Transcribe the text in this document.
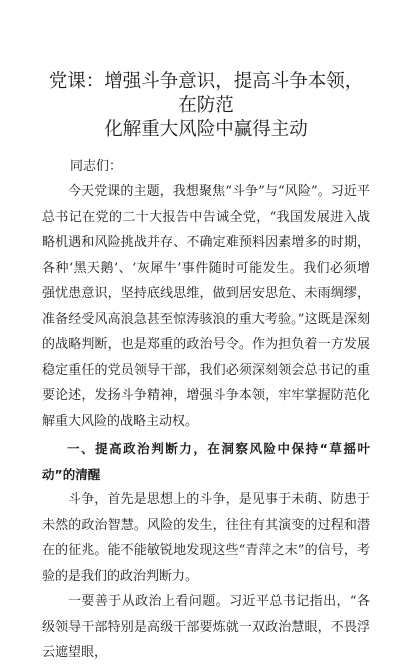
党课：增强斗争意识，提高斗争本领，在防范
化解重大风险中赢得主动

同志们：

今天党课的主题，我想聚焦“斗争”与“风险”。习近平总书记在党的二十大报告中告诫全党，“我国发展进入战略机遇和风险挑战并存、不确定难预料因素增多的时期，各种‘黑天鹅’、‘灰犀牛’事件随时可能发生。我们必须增强忧患意识，坚持底线思维，做到居安思危、未雨绸缪，准备经受风高浪急甚至惊涛骇浪的重大考验。”这既是深刻的战略判断，也是郑重的政治号令。作为担负着一方发展稳定重任的党员领导干部，我们必须深刻领会总书记的重要论述，发扬斗争精神，增强斗争本领，牢牢掌握防范化解重大风险的战略主动权。

一、提高政治判断力，在洞察风险中保持“草摇叶动”的清醒

斗争，首先是思想上的斗争，是见事于未萌、防患于未然的政治智慧。风险的发生，往往有其演变的过程和潜在的征兆。能不能敏锐地发现这些“青萍之末”的信号，考验的是我们的政治判断力。

一要善于从政治上看问题。习近平总书记指出，“各级领导干部特别是高级干部要炼就一双政治慧眼，不畏浮云遮望眼，
